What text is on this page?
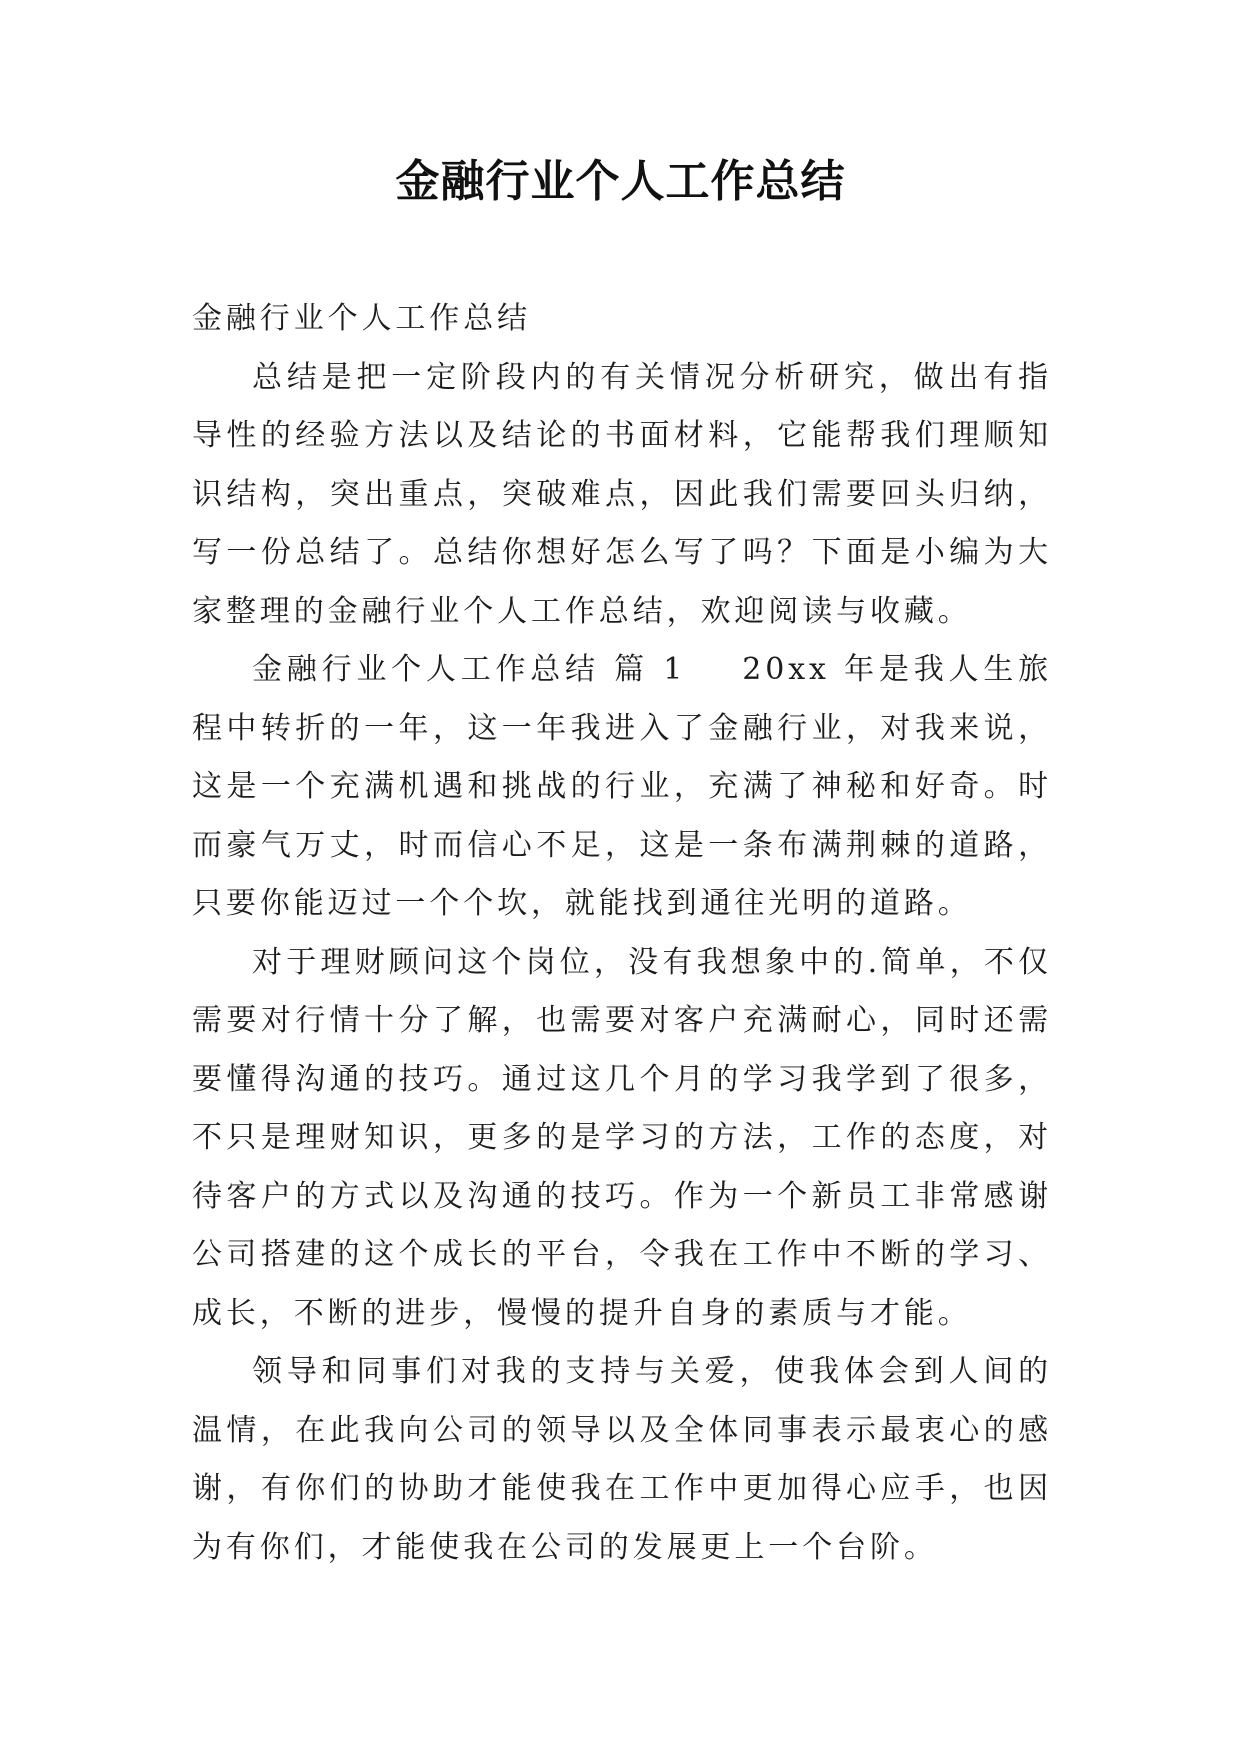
金融行业个人工作总结

金融行业个人工作总结

总结是把一定阶段内的有关情况分析研究，做出有指导性的经验方法以及结论的书面材料，它能帮我们理顺知识结构，突出重点，突破难点，因此我们需要回头归纳，写一份总结了。总结你想好怎么写了吗？下面是小编为大家整理的金融行业个人工作总结，欢迎阅读与收藏。

金融行业个人工作总结 篇 1 20xx 年是我人生旅程中转折的一年，这一年我进入了金融行业，对我来说，这是一个充满机遇和挑战的行业，充满了神秘和好奇。时而豪气万丈，时而信心不足，这是一条布满荆棘的道路，只要你能迈过一个个坎，就能找到通往光明的道路。

对于理财顾问这个岗位，没有我想象中的.简单，不仅需要对行情十分了解，也需要对客户充满耐心，同时还需要懂得沟通的技巧。通过这几个月的学习我学到了很多，不只是理财知识，更多的是学习的方法，工作的态度，对待客户的方式以及沟通的技巧。作为一个新员工非常感谢公司搭建的这个成长的平台，令我在工作中不断的学习、成长，不断的进步，慢慢的提升自身的素质与才能。

领导和同事们对我的支持与关爱，使我体会到人间的温情，在此我向公司的领导以及全体同事表示最衷心的感谢，有你们的协助才能使我在工作中更加得心应手，也因为有你们，才能使我在公司的发展更上一个台阶。
